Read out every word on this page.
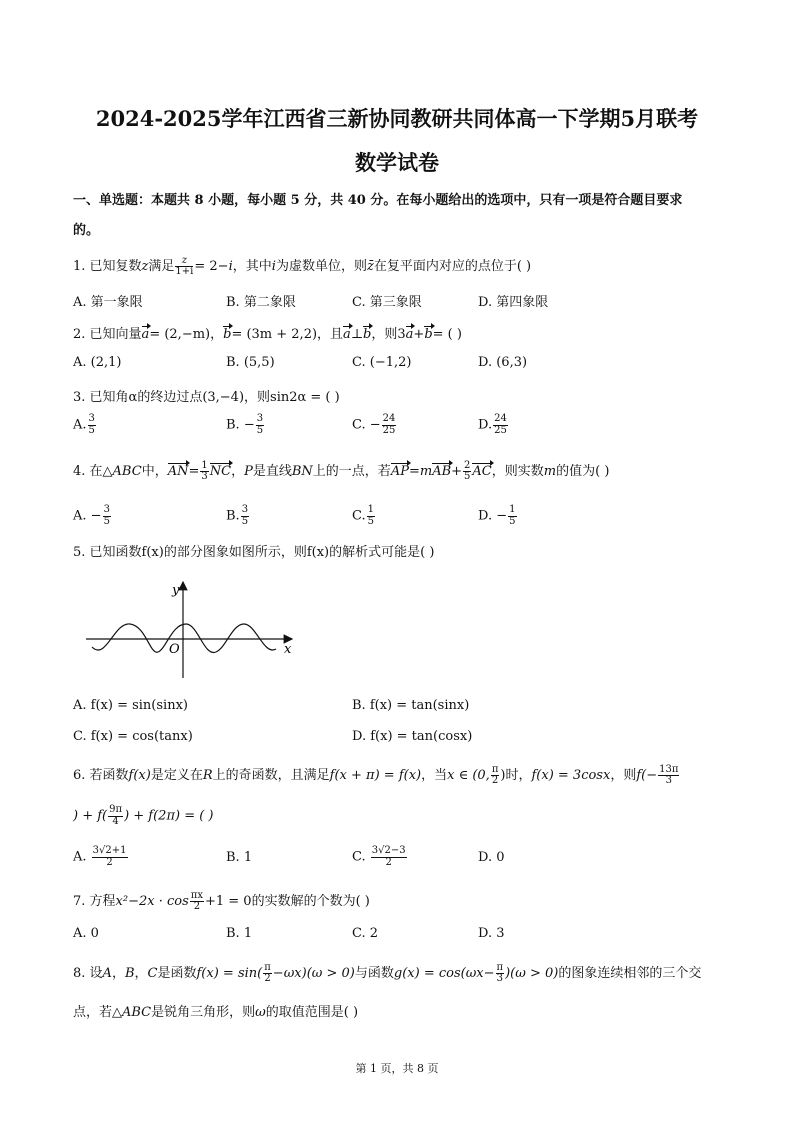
2024-2025学年江西省三新协同教研共同体高一下学期5月联考
数学试卷
一、单选题：本题共 8 小题，每小题 5 分，共 40 分。在每小题给出的选项中，只有一项是符合题目要求
的。
1. 已知复数z满足 $\frac{z}{1+i} = 2-i$，其中i为虚数单位，则z̄在复平面内对应的点位于( )
A. 第一象限	B. 第二象限	C. 第三象限	D. 第四象限
2. 已知向量a= (2,−m)，b= (3m + 2,2)，且a⊥b，则3a+b= ( )
A. (2,1)	B. (5,5)	C. (−1,2)	D. (6,3)
3. 已知角α的终边过点(3,−4)，则sin2α = ( )
A. $\frac{3}{5}$	B. − $\frac{3}{5}$	C. − $\frac{24}{25}$	D. $\frac{24}{25}$
4. 在△ABC中，$AN= \frac{1}{3}$ NC，P是直线BN上的一点，若$AP=mAB+ \frac{2}{5}$ AC，则实数m的值为( )
A. − $\frac{3}{5}$	B. $\frac{3}{5}$	C. $\frac{1}{5}$	D. − $\frac{1}{5}$
5. 已知函数f(x)的部分图象如图所示，则f(x)的解析式可能是( )
y
x
O
A. f(x) = sin(sinx)	B. f(x) = tan(sinx)
C. f(x) = cos(tanx)	D. f(x) = tan(cosx)
6. 若函数f(x)是定义在R上的奇函数，且满足f(x + π) = f(x)，当x ∈ (0, $\frac{\pi}{2}$ )时，f(x) = 3cosx，则$f(- \frac{13\pi}{3}$
) + $f( \frac{9\pi}{4}$ ) + f(2π) = ( )
A. $\frac{3√2+1}{2}$	B. 1	C. $\frac{3√2-3}{2}$	D. 0
7. 方程$x^2-2x \cdot \cos \frac{\pi x}{2} +1 = 0$的实数解的个数为( )
A. 0	B. 1	C. 2	D. 3
8. 设A，B，C是函数$f(x) = \sin( \frac{\pi}{2} -\omega x)(\omega > 0)$与函数$g(x) = \cos(\omega x- \frac{\pi}{3} )(\omega > 0)$的图象连续相邻的三个交
点，若△ABC是锐角三角形，则ω的取值范围是( )
第 1 页，共 8 页
